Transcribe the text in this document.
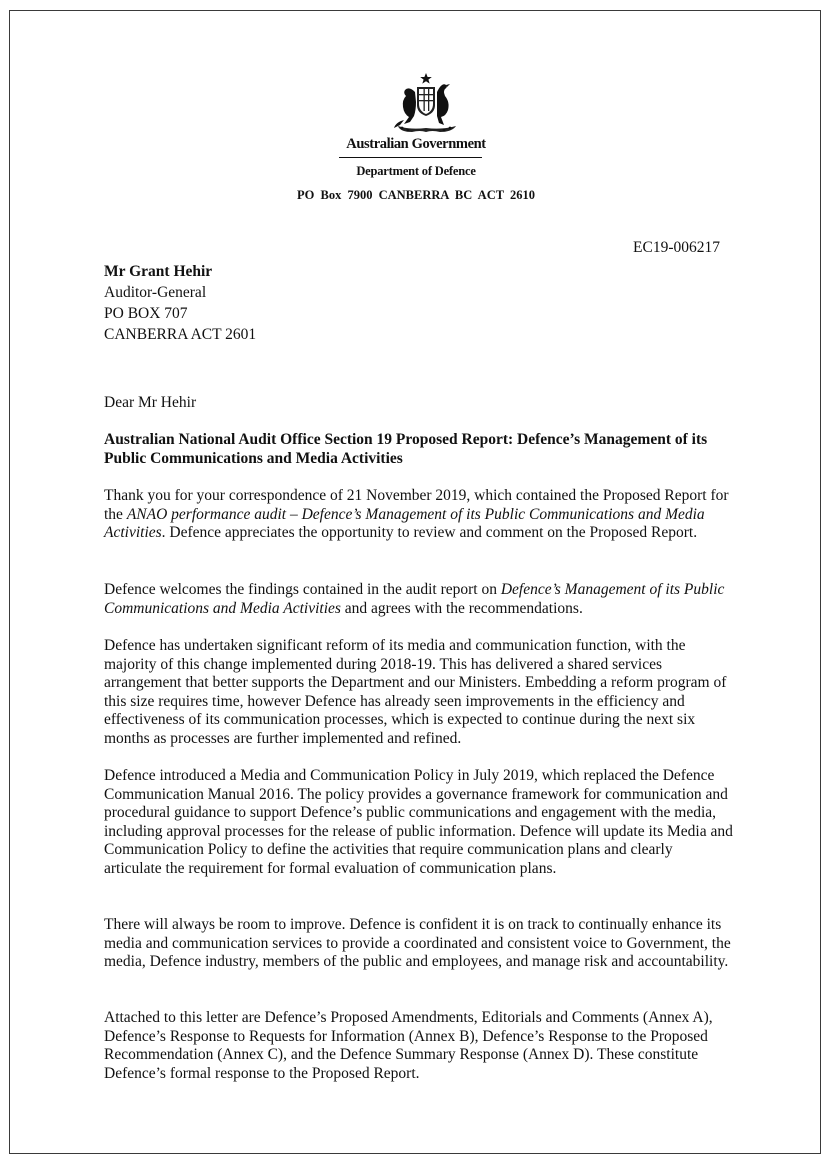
Australian Government
Department of Defence
PO Box 7900 CANBERRA BC ACT 2610
EC19-006217
Mr Grant Hehir
Auditor-General
PO BOX 707
CANBERRA ACT 2601
Dear Mr Hehir
Australian National Audit Office Section 19 Proposed Report: Defence’s Management of its Public Communications and Media Activities
Thank you for your correspondence of 21 November 2019, which contained the Proposed Report for the ANAO performance audit – Defence’s Management of its Public Communications and Media Activities. Defence appreciates the opportunity to review and comment on the Proposed Report.
Defence welcomes the findings contained in the audit report on Defence’s Management of its Public Communications and Media Activities and agrees with the recommendations.
Defence has undertaken significant reform of its media and communication function, with the majority of this change implemented during 2018-19. This has delivered a shared services arrangement that better supports the Department and our Ministers. Embedding a reform program of this size requires time, however Defence has already seen improvements in the efficiency and effectiveness of its communication processes, which is expected to continue during the next six months as processes are further implemented and refined.
Defence introduced a Media and Communication Policy in July 2019, which replaced the Defence Communication Manual 2016. The policy provides a governance framework for communication and procedural guidance to support Defence’s public communications and engagement with the media, including approval processes for the release of public information. Defence will update its Media and Communication Policy to define the activities that require communication plans and clearly articulate the requirement for formal evaluation of communication plans.
There will always be room to improve. Defence is confident it is on track to continually enhance its media and communication services to provide a coordinated and consistent voice to Government, the media, Defence industry, members of the public and employees, and manage risk and accountability.
Attached to this letter are Defence’s Proposed Amendments, Editorials and Comments (Annex A), Defence’s Response to Requests for Information (Annex B), Defence’s Response to the Proposed Recommendation (Annex C), and the Defence Summary Response (Annex D). These constitute Defence’s formal response to the Proposed Report.
